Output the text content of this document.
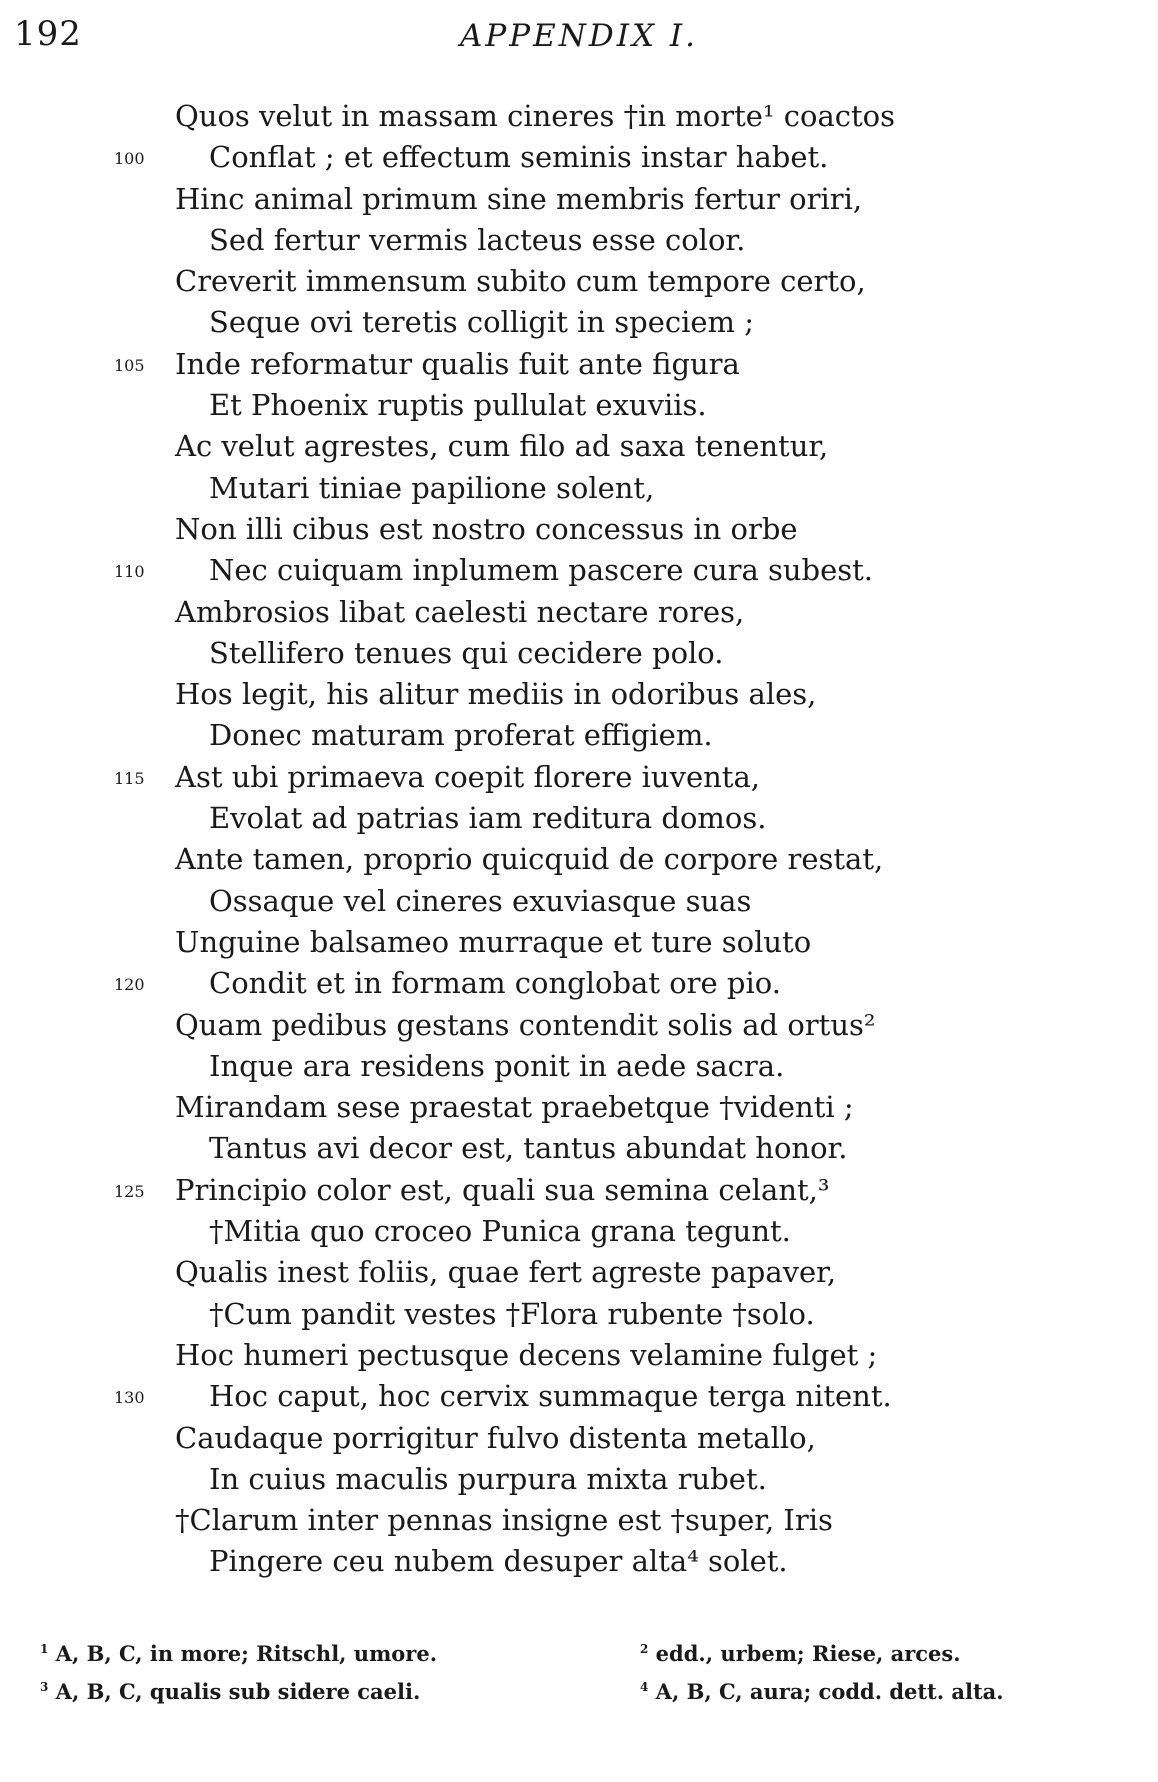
192	APPENDIX I.
Quos velut in massam cineres †in morte¹ coactos
100 Conflat ; et effectum seminis instar habet.
Hinc animal primum sine membris fertur oriri,
Sed fertur vermis lacteus esse color.
Creverit immensum subito cum tempore certo,
Seque ovi teretis colligit in speciem ;
105 Inde reformatur qualis fuit ante figura
Et Phoenix ruptis pullulat exuviis.
Ac velut agrestes, cum filo ad saxa tenentur,
Mutari tiniae papilione solent,
Non illi cibus est nostro concessus in orbe
110 Nec cuiquam inplumem pascere cura subest.
Ambrosios libat caelesti nectare rores,
Stellifero tenues qui cecidere polo.
Hos legit, his alitur mediis in odoribus ales,
Donec maturam proferat effigiem.
115 Ast ubi primaeva coepit florere iuventa,
Evolat ad patrias iam reditura domos.
Ante tamen, proprio quicquid de corpore restat,
Ossaque vel cineres exuviasque suas
Unguine balsameo murraque et ture soluto
120 Condit et in formam conglobat ore pio.
Quam pedibus gestans contendit solis ad ortus²
Inque ara residens ponit in aede sacra.
Mirandam sese praestat praebetque †videnti ;
Tantus avi decor est, tantus abundat honor.
125 Principio color est, quali sua semina celant,³
†Mitia quo croceo Punica grana tegunt.
Qualis inest foliis, quae fert agreste papaver,
†Cum pandit vestes †Flora rubente †solo.
Hoc humeri pectusque decens velamine fulget ;
130 Hoc caput, hoc cervix summaque terga nitent.
Caudaque porrigitur fulvo distenta metallo,
In cuius maculis purpura mixta rubet.
†Clarum inter pennas insigne est †super, Iris
Pingere ceu nubem desuper alta⁴ solet.
$^1$ A, B, C, in more; Ritschl, umore.	$^2$ edd., urbem; Riese, arces.
$^3$ A, B, C, qualis sub sidere caeli.	$^4$ A, B, C, aura; codd. dett. alta.
